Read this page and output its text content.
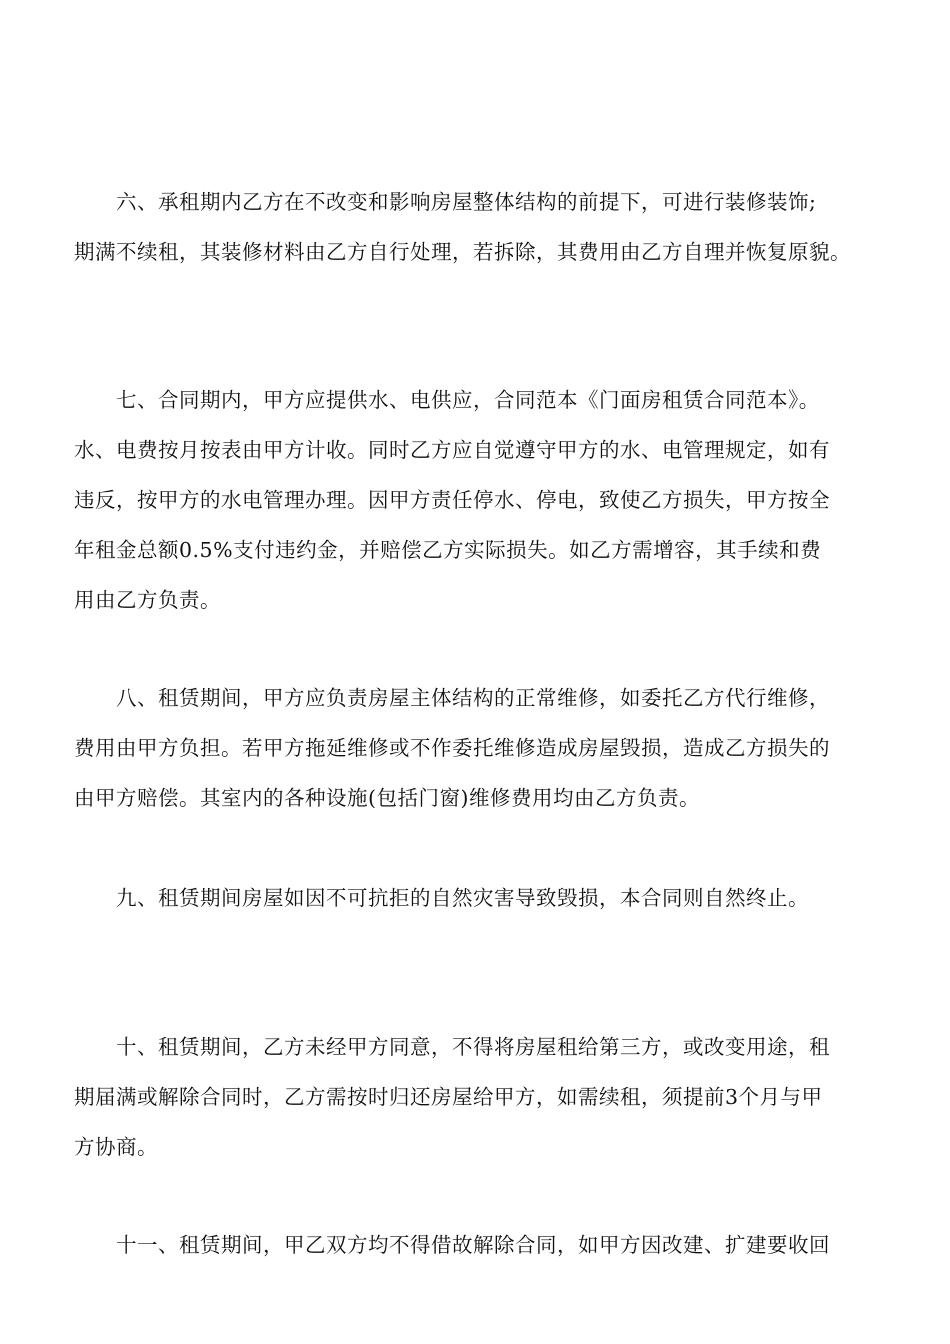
　　六、承租期内乙方在不改变和影响房屋整体结构的前提下，可进行装修装饰;
期满不续租，其装修材料由乙方自行处理，若拆除，其费用由乙方自理并恢复原貌。
　　七、合同期内，甲方应提供水、电供应，合同范本《门面房租赁合同范本》。
水、电费按月按表由甲方计收。同时乙方应自觉遵守甲方的水、电管理规定，如有
违反，按甲方的水电管理办理。因甲方责任停水、停电，致使乙方损失，甲方按全
年租金总额0.5%支付违约金，并赔偿乙方实际损失。如乙方需增容，其手续和费
用由乙方负责。
　　八、租赁期间，甲方应负责房屋主体结构的正常维修，如委托乙方代行维修，
费用由甲方负担。若甲方拖延维修或不作委托维修造成房屋毁损，造成乙方损失的
由甲方赔偿。其室内的各种设施(包括门窗)维修费用均由乙方负责。
　　九、租赁期间房屋如因不可抗拒的自然灾害导致毁损，本合同则自然终止。
　　十、租赁期间，乙方未经甲方同意，不得将房屋租给第三方，或改变用途，租
期届满或解除合同时，乙方需按时归还房屋给甲方，如需续租，须提前3个月与甲
方协商。
　　十一、租赁期间，甲乙双方均不得借故解除合同，如甲方因改建、扩建要收回
